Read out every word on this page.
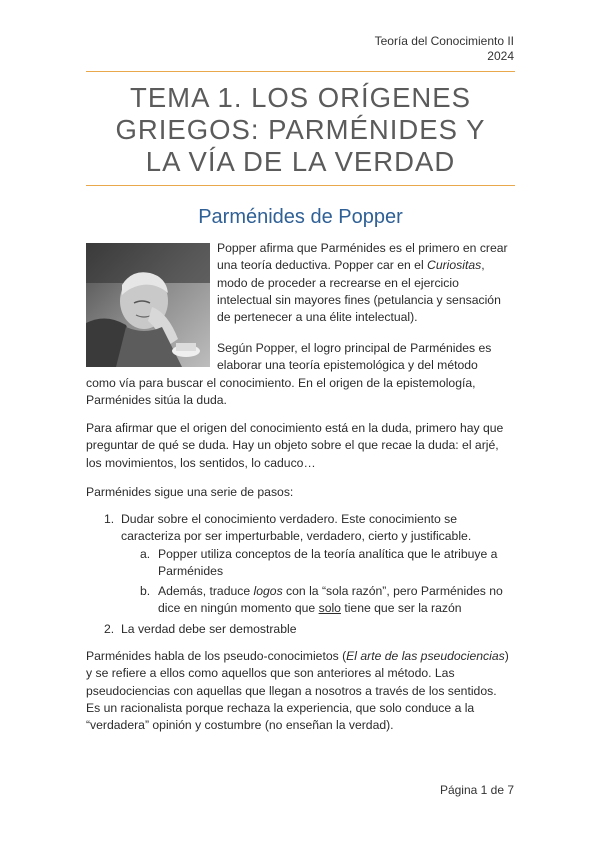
Teoría del Conocimiento II
2024
TEMA 1. LOS ORÍGENES
GRIEGOS: PARMÉNIDES Y
LA VÍA DE LA VERDAD
Parménides de Popper
Popper afirma que Parménides es el primero en crear
una teoría deductiva. Popper car en el Curiositas,
modo de proceder a recrearse en el ejercicio
intelectual sin mayores fines (petulancia y sensación
de pertenecer a una élite intelectual).
Según Popper, el logro principal de Parménides es
elaborar una teoría epistemológica y del método
como vía para buscar el conocimiento. En el origen de la epistemología,
Parménides sitúa la duda.
Para afirmar que el origen del conocimiento está en la duda, primero hay que
preguntar de qué se duda. Hay un objeto sobre el que recae la duda: el arjé,
los movimientos, los sentidos, lo caduco…
Parménides sigue una serie de pasos:
1. Dudar sobre el conocimiento verdadero. Este conocimiento se
caracteriza por ser imperturbable, verdadero, cierto y justificable.
a. Popper utiliza conceptos de la teoría analítica que le atribuye a
Parménides
b. Además, traduce logos con la “sola razón”, pero Parménides no
dice en ningún momento que solo tiene que ser la razón
2. La verdad debe ser demostrable
Parménides habla de los pseudo-conocimietos (El arte de las pseudociencias)
y se refiere a ellos como aquellos que son anteriores al método. Las
pseudociencias con aquellas que llegan a nosotros a través de los sentidos.
Es un racionalista porque rechaza la experiencia, que solo conduce a la
“verdadera” opinión y costumbre (no enseñan la verdad).
Página 1 de 7
